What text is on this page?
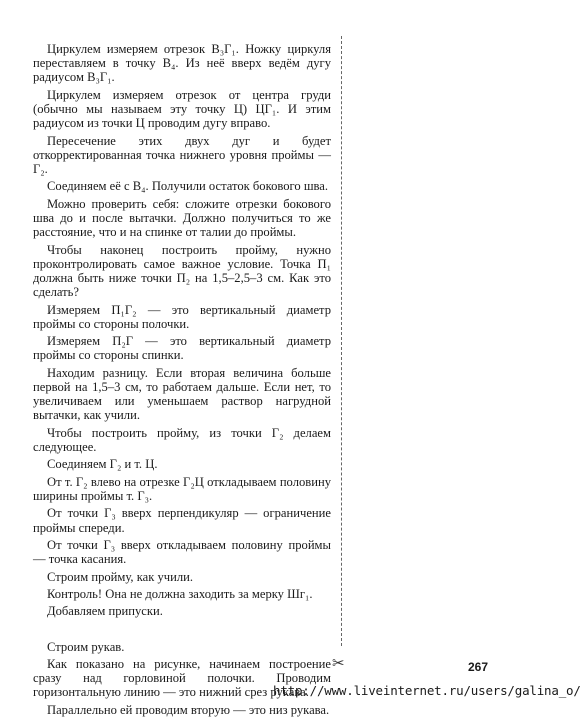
Циркулем измеряем отрезок В₃Г₁. Ножку циркуля переставляем в точку В₄. Из неё вверх ведём дугу радиусом В₃Г₁.

Циркулем измеряем отрезок от центра груди (обычно мы называем эту точку Ц) ЦГ₁. И этим радиусом из точки Ц проводим дугу вправо.

Пересечение этих двух дуг и будет откорректированная точка нижнего уровня проймы — Г₂.

Соединяем её с В₄. Получили остаток бокового шва.

Можно проверить себя: сложите отрезки бокового шва до и после вытачки. Должно получиться то же расстояние, что и на спинке от талии до проймы.

Чтобы наконец построить пройму, нужно проконтролировать самое важное условие. Точка П₁ должна быть ниже точки П₂ на 1,5–2,5–3 см. Как это сделать?

Измеряем П₁Г₂ — это вертикальный диаметр проймы со стороны полочки.

Измеряем П₂Г — это вертикальный диаметр проймы со стороны спинки.

Находим разницу. Если вторая величина больше первой на 1,5–3 см, то работаем дальше. Если нет, то увеличиваем или уменьшаем раствор нагрудной вытачки, как учили.

Чтобы построить пройму, из точки Г₂ делаем следующее.

Соединяем Г₂ и т. Ц.

От т. Г₂ влево на отрезке Г₂Ц откладываем половину ширины проймы т. Г₃.

От точки Г₃ вверх перпендикуляр — ограничение проймы спереди.

От точки Г₃ вверх откладываем половину проймы — точка касания.

Строим пройму, как учили.

Контроль! Она не должна заходить за мерку Шг₁.

Добавляем припуски.

Строим рукав.

Как показано на рисунке, начинаем построение сразу над горловиной полочки. Проводим горизонтальную линию — это нижний срез рукава.

Параллельно ей проводим вторую — это низ рукава.

✂	267
http://www.liveinternet.ru/users/galina_o/
